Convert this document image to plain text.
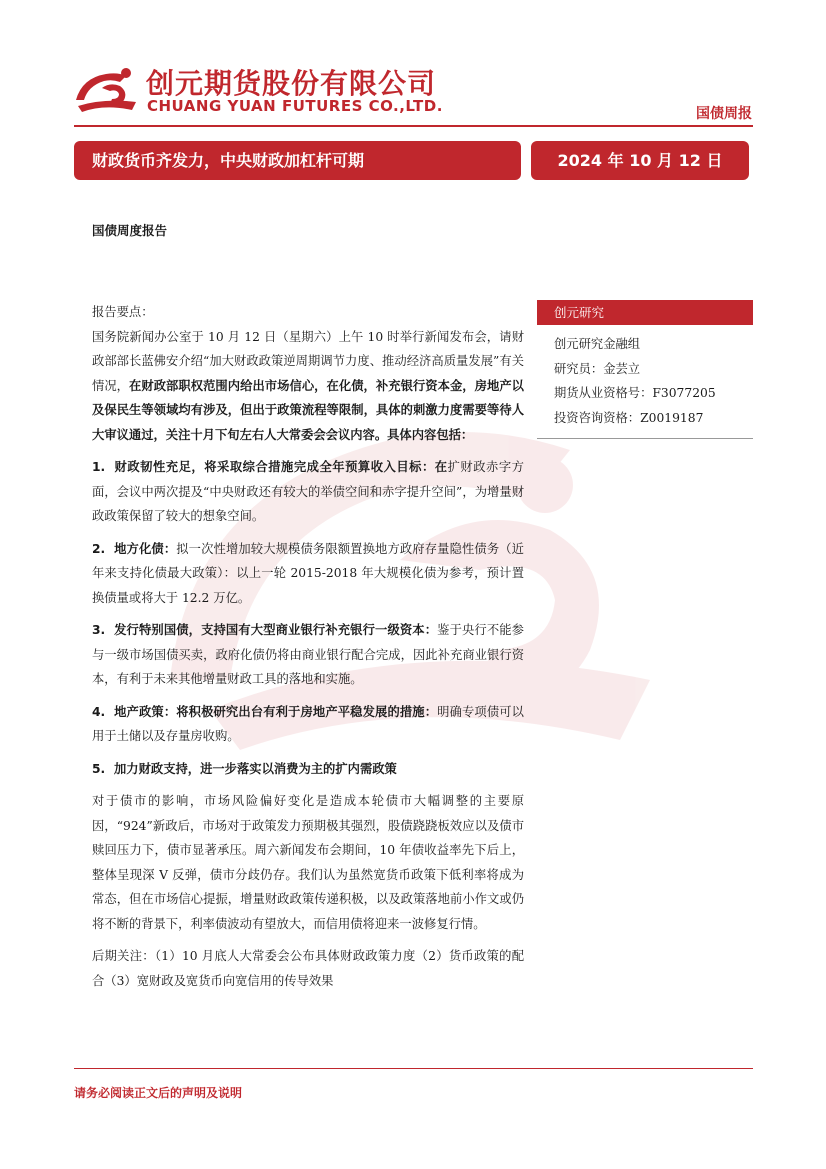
创元期货股份有限公司
CHUANG YUAN FUTURES CO.,LTD.	国债周报
财政货币齐发力，中央财政加杠杆可期	2024 年 10 月 12 日
国债周度报告

报告要点：

国务院新闻办公室于 10 月 12 日（星期六）上午 10 时举行新闻发布会，请财政部部长蓝佛安介绍“加大财政政策逆周期调节力度、推动经济高质量发展”有关情况，在财政部职权范围内给出市场信心，在化债，补充银行资本金，房地产以及保民生等领域均有涉及，但出于政策流程等限制，具体的刺激力度需要等待人大审议通过，关注十月下旬左右人大常委会会议内容。具体内容包括：

1. 财政韧性充足，将采取综合措施完成全年预算收入目标：在扩财政赤字方面，会议中两次提及“中央财政还有较大的举债空间和赤字提升空间”，为增量财政政策保留了较大的想象空间。

2. 地方化债：拟一次性增加较大规模债务限额置换地方政府存量隐性债务（近年来支持化债最大政策）：以上一轮 2015-2018 年大规模化债为参考，预计置换债量或将大于 12.2 万亿。

3. 发行特别国债，支持国有大型商业银行补充银行一级资本：鉴于央行不能参与一级市场国债买卖，政府化债仍将由商业银行配合完成，因此补充商业银行资本，有利于未来其他增量财政工具的落地和实施。

4. 地产政策：将积极研究出台有利于房地产平稳发展的措施：明确专项债可以用于土储以及存量房收购。

5. 加力财政支持，进一步落实以消费为主的扩内需政策

对于债市的影响，市场风险偏好变化是造成本轮债市大幅调整的主要原因，“924”新政后，市场对于政策发力预期极其强烈，股债跷跷板效应以及债市赎回压力下，债市显著承压。周六新闻发布会期间，10 年债收益率先下后上，整体呈现深 V 反弹，债市分歧仍存。我们认为虽然宽货币政策下低利率将成为常态，但在市场信心提振，增量财政政策传递积极，以及政策落地前小作文或仍将不断的背景下，利率债波动有望放大，而信用债将迎来一波修复行情。

后期关注：（1）10 月底人大常委会公布具体财政政策力度（2）货币政策的配合（3）宽财政及宽货币向宽信用的传导效果

创元研究
创元研究金融组
研究员：金芸立
期货从业资格号：F3077205
投资咨询资格：Z0019187
请务必阅读正文后的声明及说明
